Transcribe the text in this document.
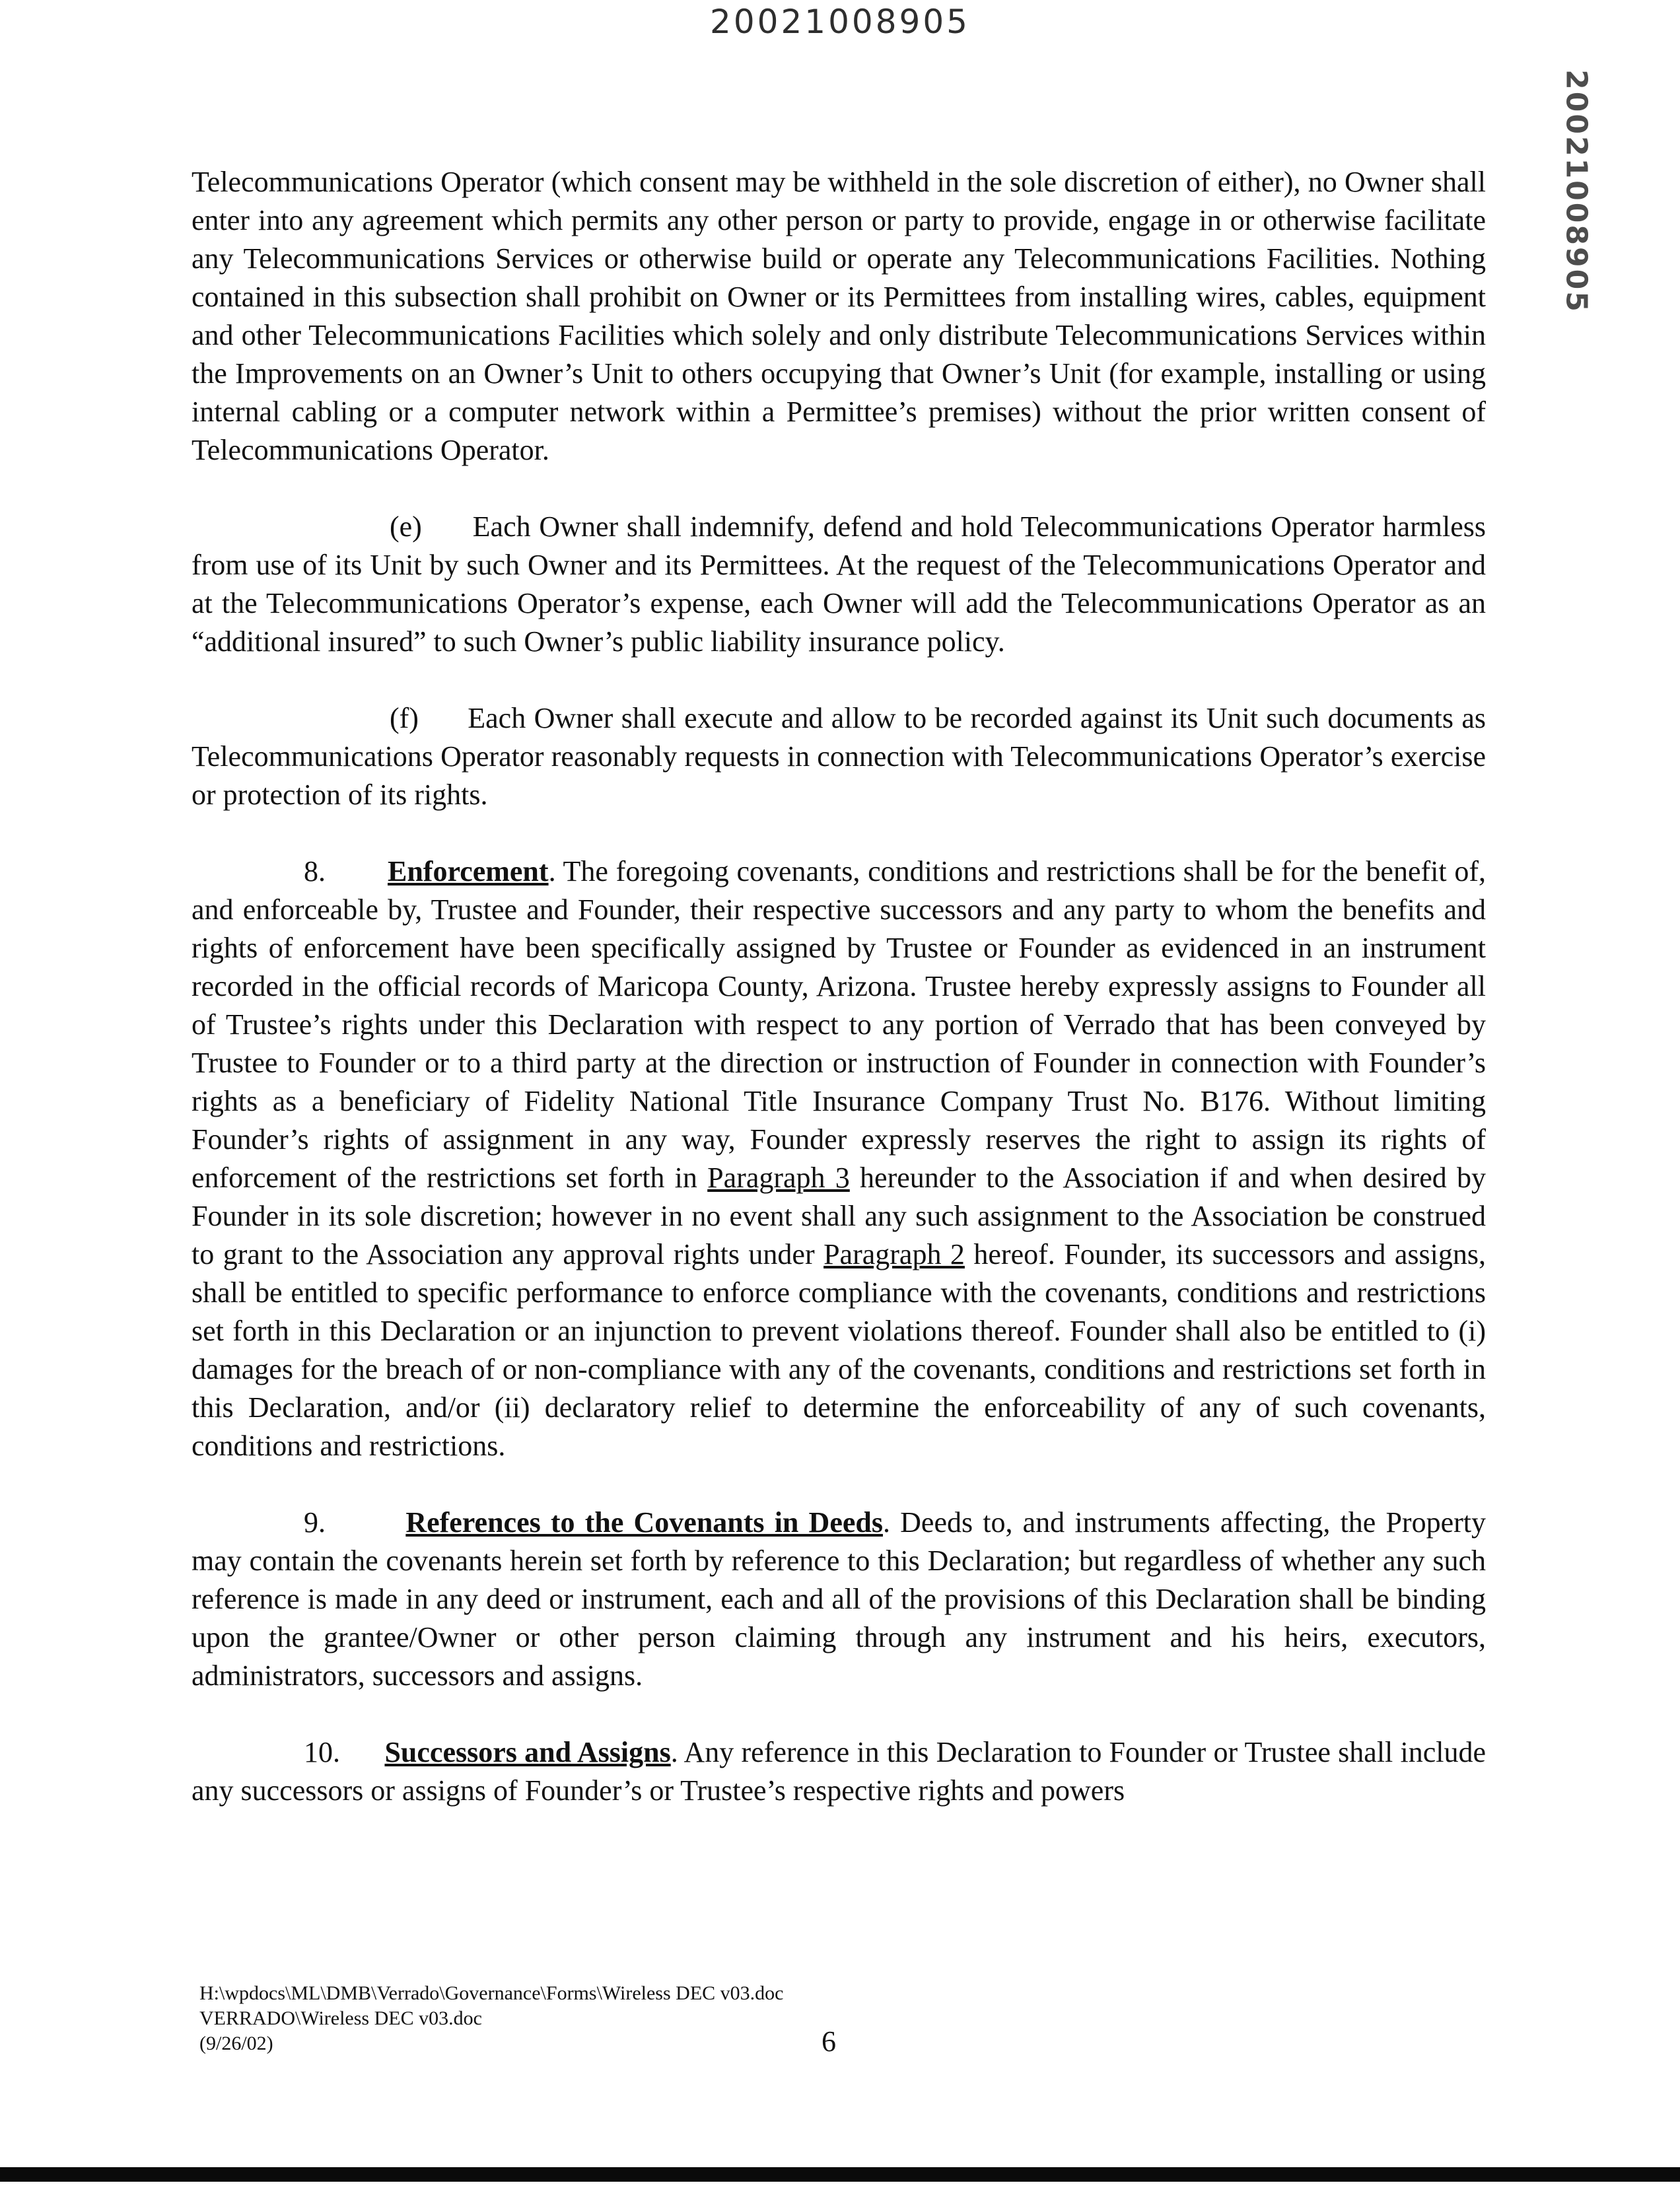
20021008905
20021008905

Telecommunications Operator (which consent may be withheld in the sole discretion of either), no Owner shall enter into any agreement which permits any other person or party to provide, engage in or otherwise facilitate any Telecommunications Services or otherwise build or operate any Telecommunications Facilities. Nothing contained in this subsection shall prohibit on Owner or its Permittees from installing wires, cables, equipment and other Telecommunications Facilities which solely and only distribute Telecommunications Services within the Improvements on an Owner’s Unit to others occupying that Owner’s Unit (for example, installing or using internal cabling or a computer network within a Permittee’s premises) without the prior written consent of Telecommunications Operator.

(e) Each Owner shall indemnify, defend and hold Telecommunications Operator harmless from use of its Unit by such Owner and its Permittees. At the request of the Telecommunications Operator and at the Telecommunications Operator’s expense, each Owner will add the Telecommunications Operator as an “additional insured” to such Owner’s public liability insurance policy.

(f) Each Owner shall execute and allow to be recorded against its Unit such documents as Telecommunications Operator reasonably requests in connection with Telecommunications Operator’s exercise or protection of its rights.

8. Enforcement. The foregoing covenants, conditions and restrictions shall be for the benefit of, and enforceable by, Trustee and Founder, their respective successors and any party to whom the benefits and rights of enforcement have been specifically assigned by Trustee or Founder as evidenced in an instrument recorded in the official records of Maricopa County, Arizona. Trustee hereby expressly assigns to Founder all of Trustee’s rights under this Declaration with respect to any portion of Verrado that has been conveyed by Trustee to Founder or to a third party at the direction or instruction of Founder in connection with Founder’s rights as a beneficiary of Fidelity National Title Insurance Company Trust No. B176. Without limiting Founder’s rights of assignment in any way, Founder expressly reserves the right to assign its rights of enforcement of the restrictions set forth in Paragraph 3 hereunder to the Association if and when desired by Founder in its sole discretion; however in no event shall any such assignment to the Association be construed to grant to the Association any approval rights under Paragraph 2 hereof. Founder, its successors and assigns, shall be entitled to specific performance to enforce compliance with the covenants, conditions and restrictions set forth in this Declaration or an injunction to prevent violations thereof. Founder shall also be entitled to (i) damages for the breach of or non-compliance with any of the covenants, conditions and restrictions set forth in this Declaration, and/or (ii) declaratory relief to determine the enforceability of any of such covenants, conditions and restrictions.

9.	References to the Covenants in Deeds. Deeds to, and instruments affecting, the Property may contain the covenants herein set forth by reference to this Declaration; but regardless of whether any such reference is made in any deed or instrument, each and all of the provisions of this Declaration shall be binding upon the grantee/Owner or other person claiming through any instrument and his heirs, executors, administrators, successors and assigns.

10. Successors and Assigns. Any reference in this Declaration to Founder or Trustee shall include any successors or assigns of Founder’s or Trustee’s respective rights and powers

H:\wpdocs\ML\DMB\Verrado\Governance\Forms\Wireless DEC v03.doc
VERRADO\Wireless DEC v03.doc
(9/26/02)	6
